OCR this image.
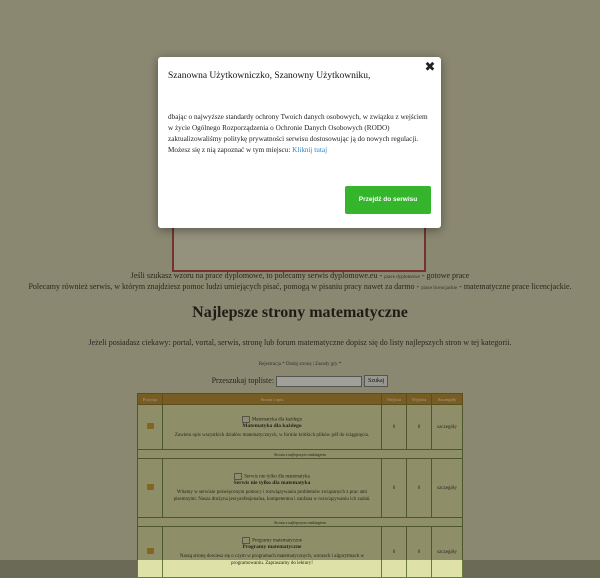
Jeśli szukasz wzoru na prace dyplomowe, to polecamy serwis dyplomowe.eu - prace dyplomowe - gotowe prace
Polecamy również serwis, w którym znajdziesz pomoc ludzi umiejących pisać, pomogą w pisaniu pracy nawet za darmo - prace licencjackie - matematyczne prace licencjackie.
Najlepsze strony matematyczne
Jeżeli posiadasz ciekawy: portal, vortal, serwis, stronę lub forum matematyczne dopisz się do listy najlepszych stron w tej kategorii.
Rejestracja * Dodaj stronę | Zasady gry *
Przeszukaj topliste:	Szukaj
Pozycja	Strona i opis	Wejścia	Wyjścia	Szczegóły
	Matematyka dla każdego
Matematyka dla każdego
Zawiera opis wszystkich działów matematycznych, w formie krótkich plików pdf do ściągnięcia.	0	0	szczegóły
Strona z najlepszym rankingiem				
	Serwis nie tylko dla matematyka
Serwis nie tylko dla matematyka
Witamy w serwisie poświęconym pomocy i rozwiązywaniu problemów związanych z prac ami pisemnymi. Nasza drużyna jest profesjonalna, kompetentna i zaufana w rozwiązywaniu ich zadań.	0	0	szczegóły
Strona z najlepszym rankingiem				
	Programy matematyczne
Programy matematyczne
Naszą stronę dowiesz się o czym w programach matematycznych, wzorach i algorytmach w programowaniu. Zapraszamy do lektury!	0	0	szczegóły
Szanowna Użytkowniczko, Szanowny Użytkowniku,
✖
dbając o najwyższe standardy ochrony Twoich danych osobowych, w związku z wejściem w życie Ogólnego Rozporządzenia o Ochronie Danych Osobowych (RODO) zaktualizowaliśmy politykę prywatności serwisu dostosowując ją do nowych regulacji. Możesz się z nią zapoznać w tym miejscu: Kliknij tutaj
Przejdź do serwisu
